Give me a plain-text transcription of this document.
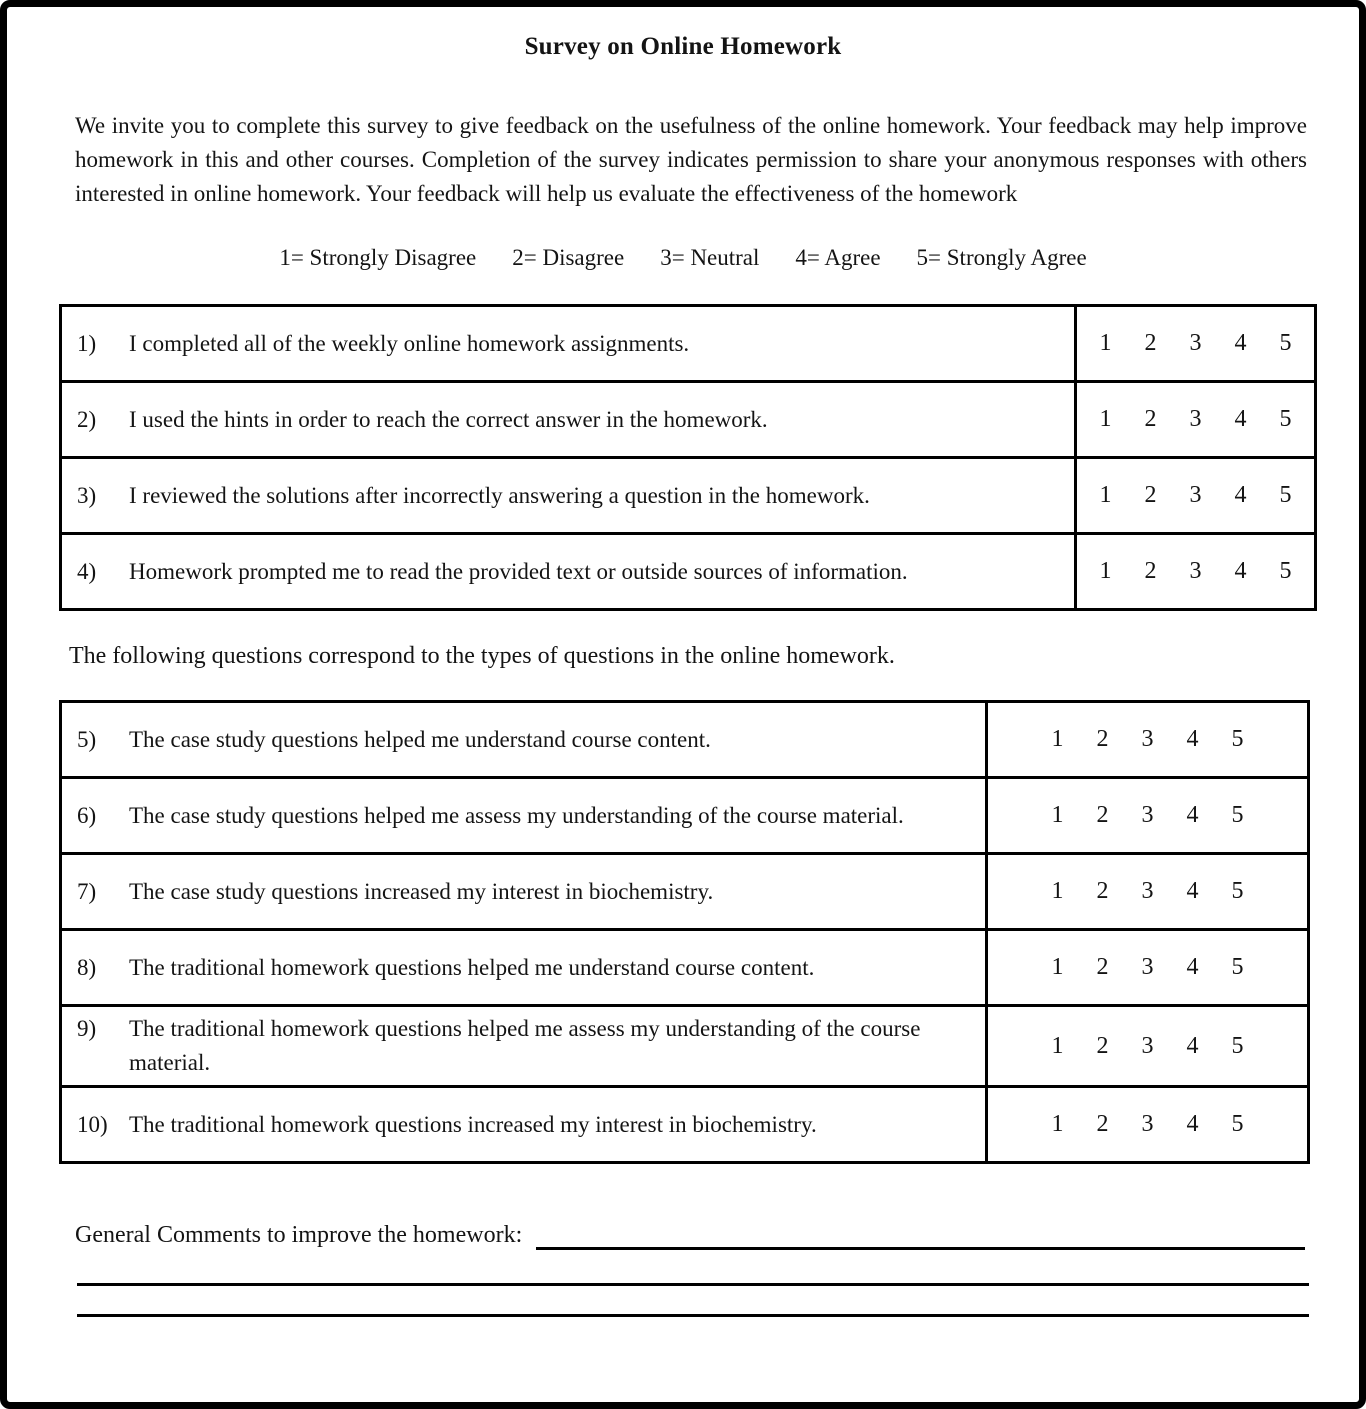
Survey on Online Homework
We invite you to complete this survey to give feedback on the usefulness of the online homework. Your feedback may help improve homework in this and other courses. Completion of the survey indicates permission to share your anonymous responses with others interested in online homework. Your feedback will help us evaluate the effectiveness of the homework
1= Strongly Disagree 2= Disagree 3= Neutral 4= Agree 5= Strongly Agree
1) I completed all of the weekly online homework assignments.	1 2 3 4 5

2) I used the hints in order to reach the correct answer in the homework.	1 2 3 4 5

3) I reviewed the solutions after incorrectly answering a question in the homework.	1 2 3 4 5

4) Homework prompted me to read the provided text or outside sources of information.	1 2 3 4 5
The following questions correspond to the types of questions in the online homework.
5) The case study questions helped me understand course content.	1 2 3 4 5

6) The case study questions helped me assess my understanding of the course material.	1 2 3 4 5

7) The case study questions increased my interest in biochemistry.	1 2 3 4 5

8) The traditional homework questions helped me understand course content.	1 2 3 4 5

9) The traditional homework questions helped me assess my understanding of the course material.	1 2 3 4 5

10) The traditional homework questions increased my interest in biochemistry.	1 2 3 4 5
General Comments to improve the homework:
